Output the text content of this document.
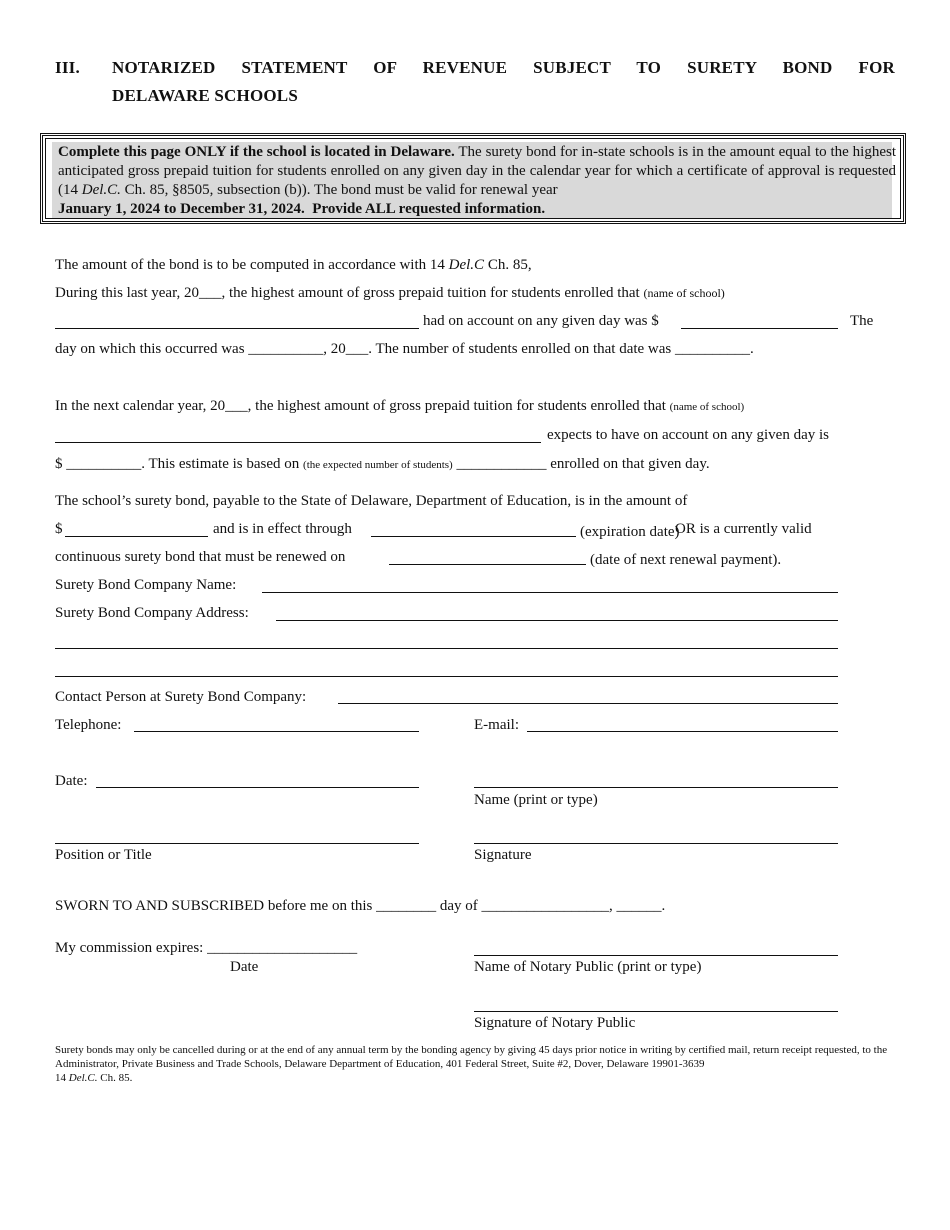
III. NOTARIZED STATEMENT OF REVENUE SUBJECT TO SURETY BOND FOR
DELAWARE SCHOOLS
Complete this page ONLY if the school is located in Delaware. The surety bond for in-state schools is in the amount equal to the highest anticipated gross prepaid tuition for students enrolled on any given day in the calendar year for which a certificate of approval is requested (14 Del.C. Ch. 85, §8505, subsection (b)). The bond must be valid for renewal year
January 1, 2024 to December 31, 2024.  Provide ALL requested information.
The amount of the bond is to be computed in accordance with 14 Del.C Ch. 85,
During this last year, 20___, the highest amount of gross prepaid tuition for students enrolled that (name of school)
had on account on any given day was $	The
day on which this occurred was __________, 20___. The number of students enrolled on that date was __________.
In the next calendar year, 20___, the highest amount of gross prepaid tuition for students enrolled that (name of school)
expects to have on account on any given day is
$ __________. This estimate is based on (the expected number of students) ____________ enrolled on that given day.
The school’s surety bond, payable to the State of Delaware, Department of Education, is in the amount of
$	and is in effect through	(expiration date)
OR is a currently valid
continuous surety bond that must be renewed on	(date of next renewal payment).
Surety Bond Company Name:
Surety Bond Company Address:
Contact Person at Surety Bond Company:
Telephone:	E-mail:
Date:
Name (print or type)
Position or Title	Signature
SWORN TO AND SUBSCRIBED before me on this ________ day of _________________, ______.
My commission expires: ____________________
Date	Name of Notary Public (print or type)
Signature of Notary Public
Surety bonds may only be cancelled during or at the end of any annual term by the bonding agency by giving 45 days prior notice in writing by certified mail, return receipt requested, to the Administrator, Private Business and Trade Schools, Delaware Department of Education, 401 Federal Street, Suite #2, Dover, Delaware 19901-3639
14 Del.C. Ch. 85.
